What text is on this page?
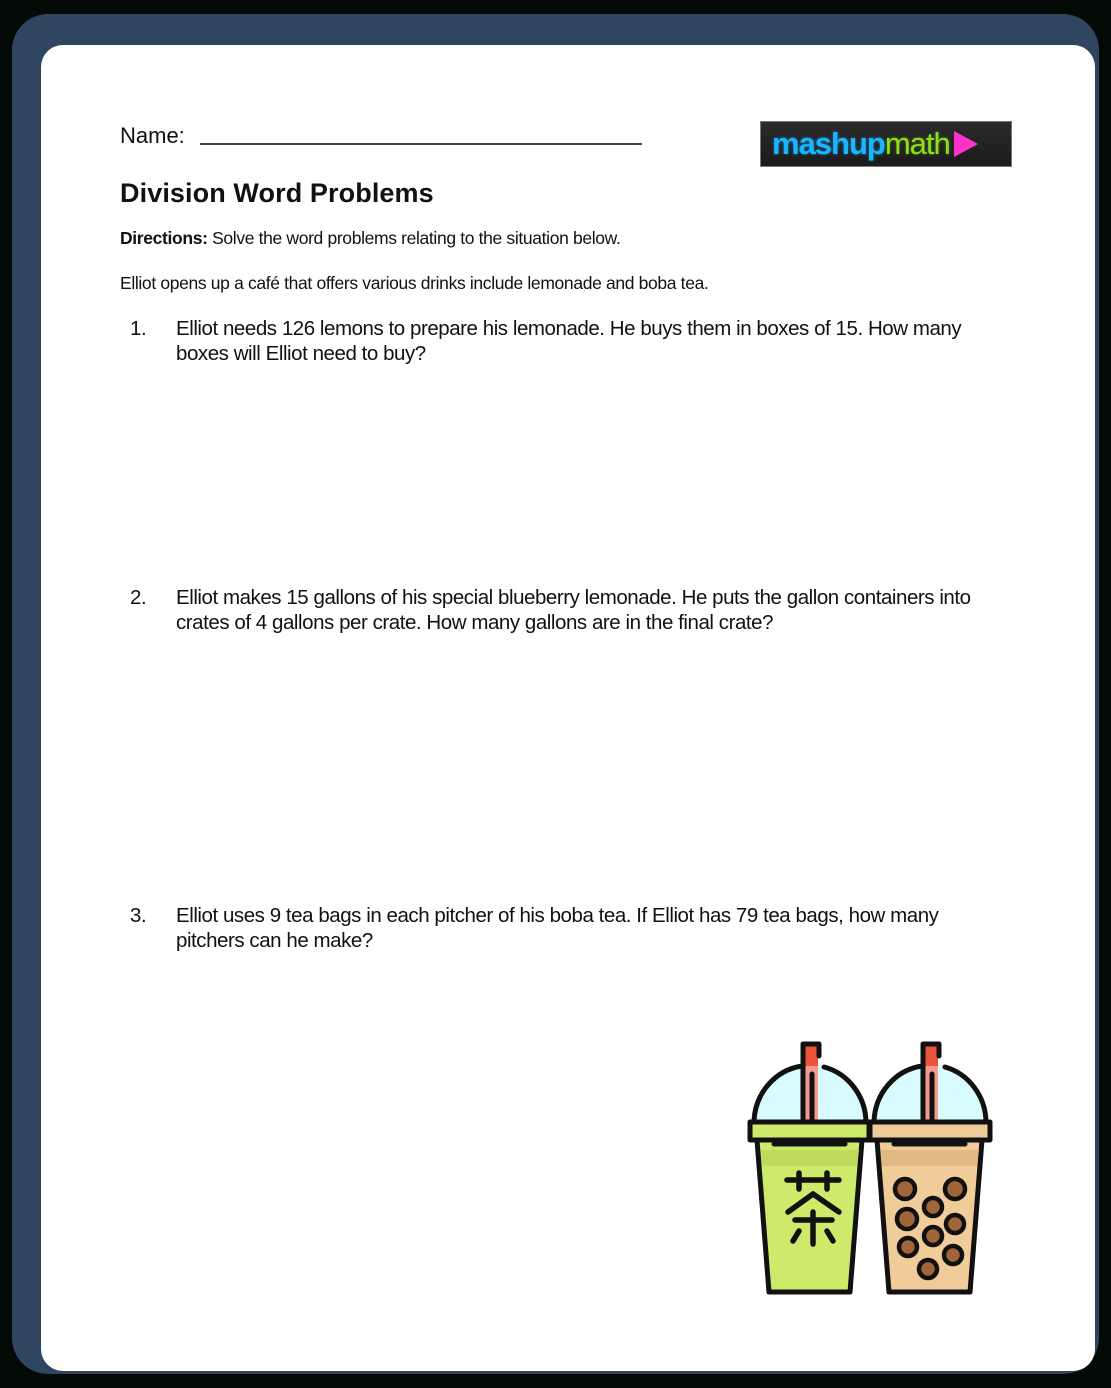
Name:	mashup math
Division Word Problems

Directions: Solve the word problems relating to the situation below.

Elliot opens up a café that offers various drinks include lemonade and boba tea.

1.	Elliot needs 126 lemons to prepare his lemonade. He buys them in boxes of 15. How many boxes will Elliot need to buy?
2.	Elliot makes 15 gallons of his special blueberry lemonade. He puts the gallon containers into crates of 4 gallons per crate. How many gallons are in the final crate?
3.	Elliot uses 9 tea bags in each pitcher of his boba tea. If Elliot has 79 tea bags, how many pitchers can he make?
